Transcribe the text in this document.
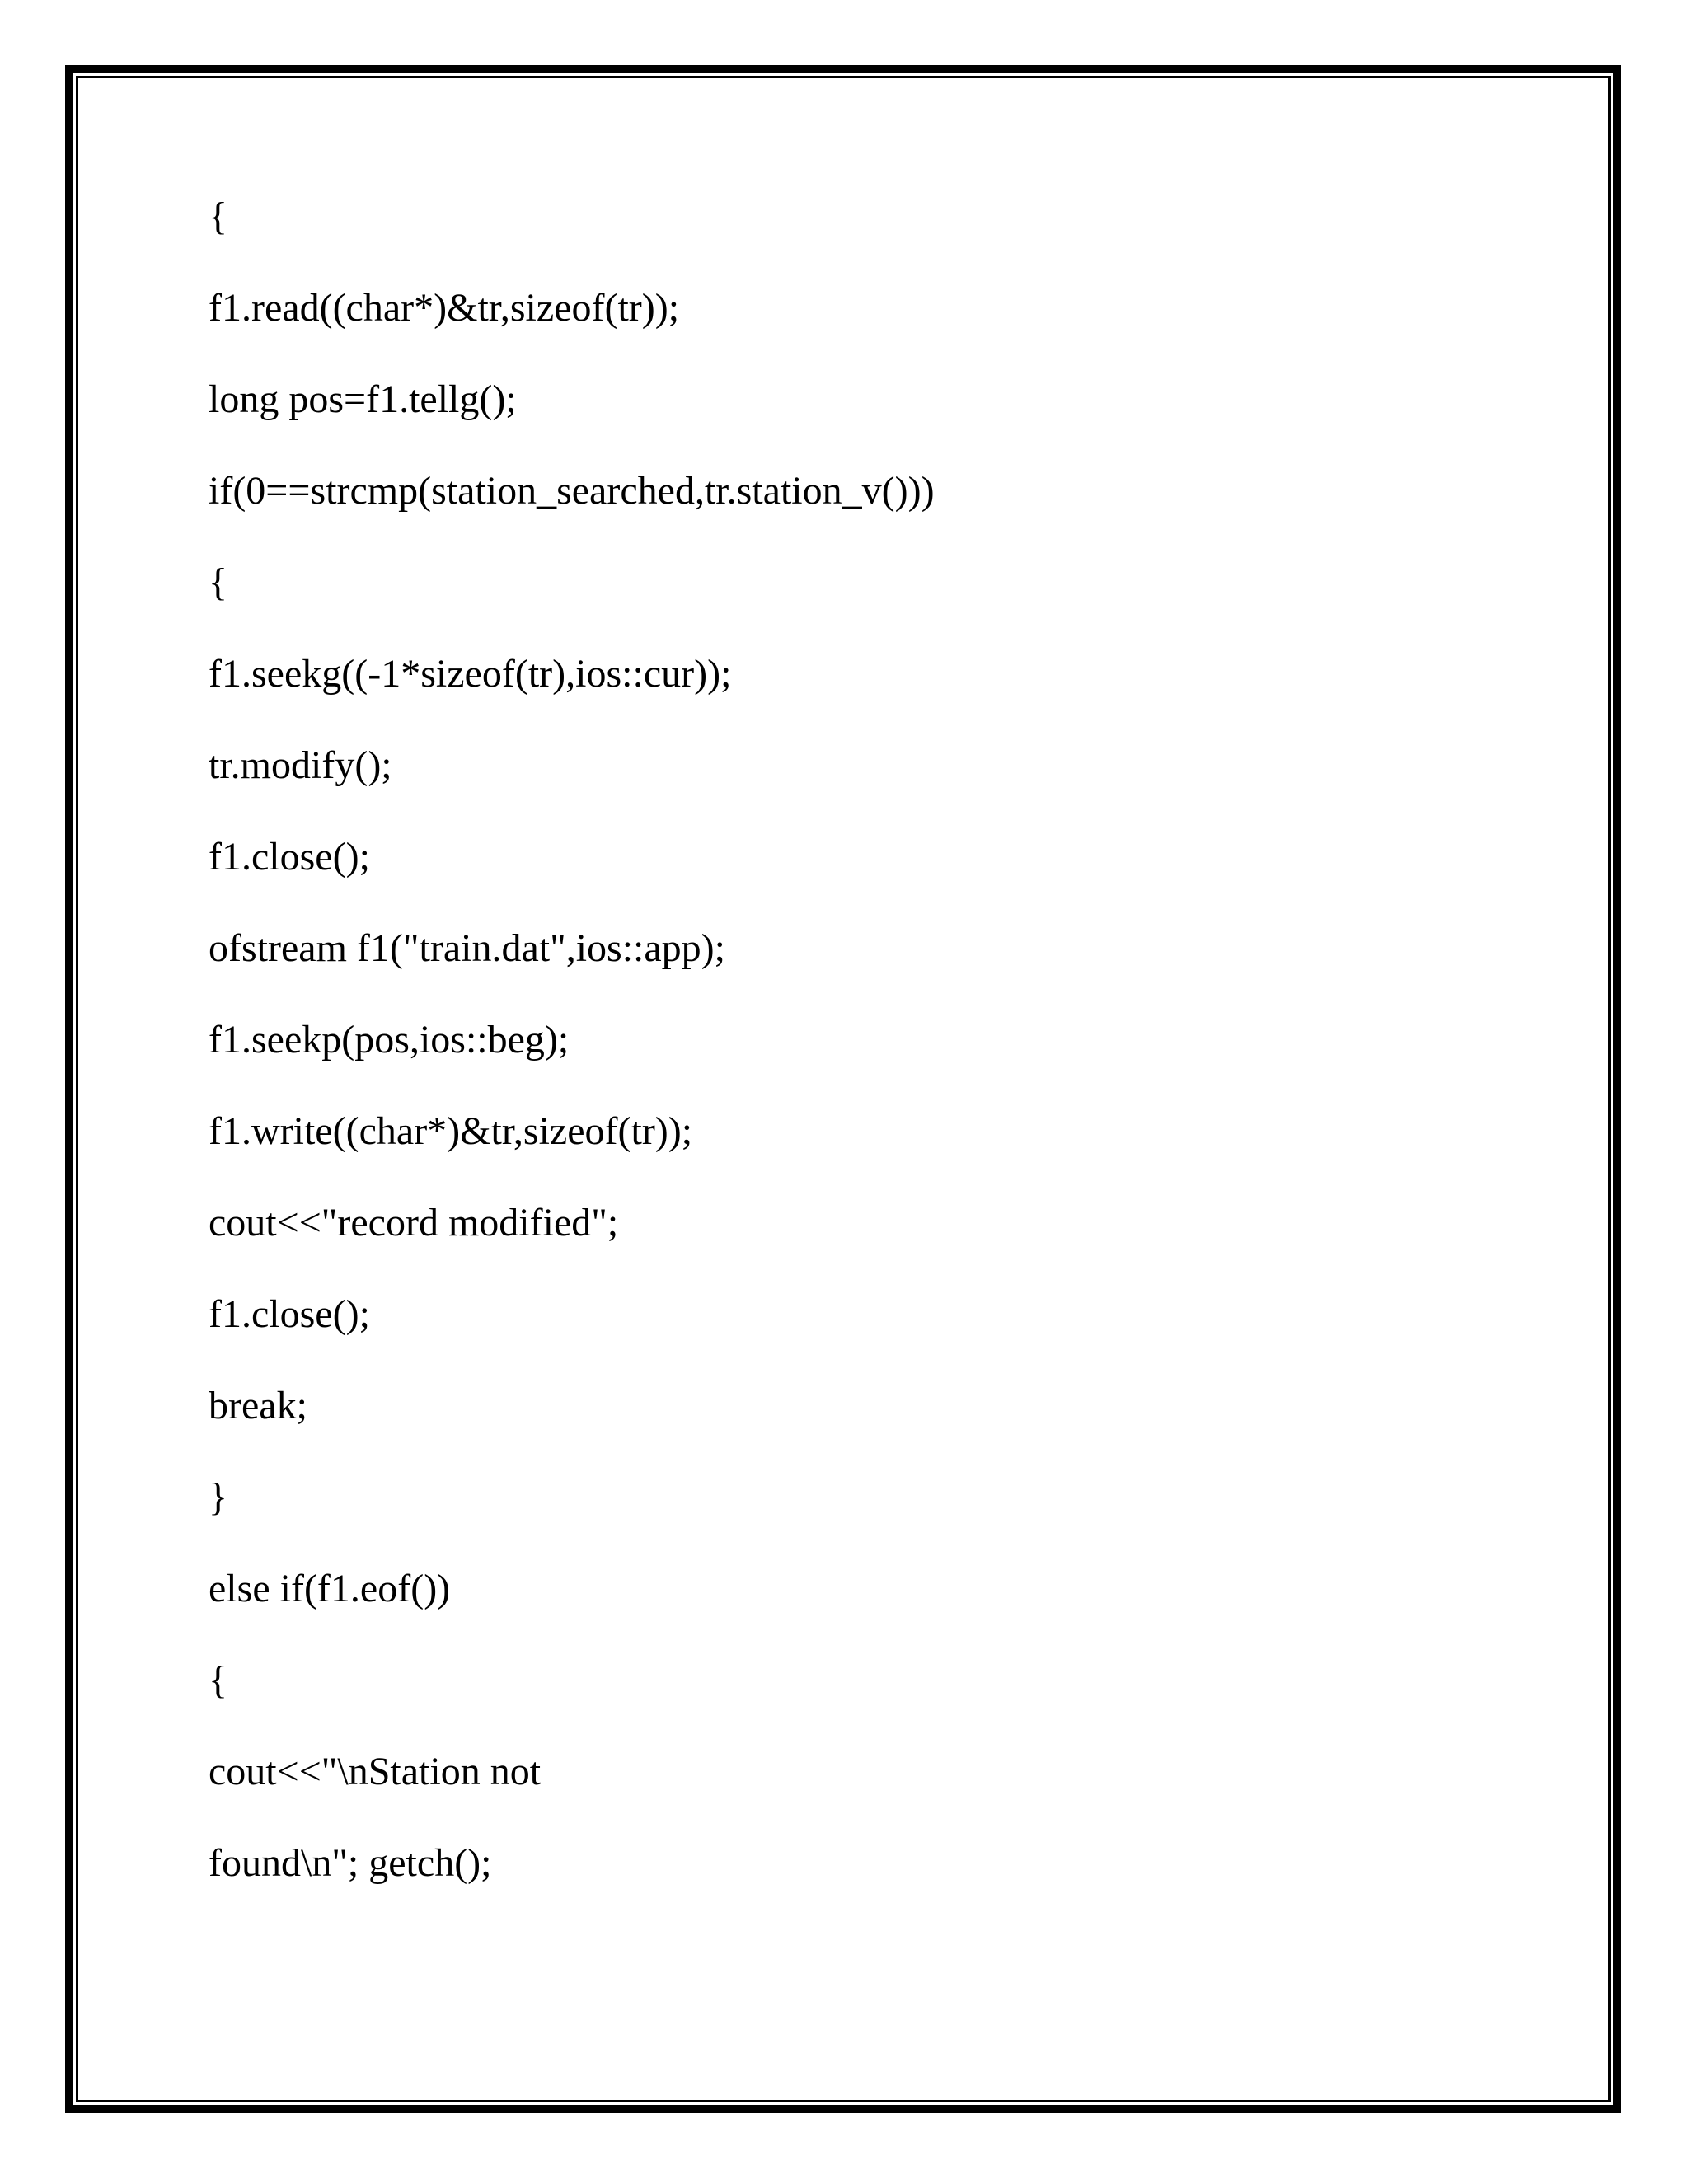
{
f1.read((char*)&tr,sizeof(tr));
long pos=f1.tellg();
if(0==strcmp(station_searched,tr.station_v()))
{
f1.seekg((-1*sizeof(tr),ios::cur));
tr.modify();
f1.close();
ofstream f1("train.dat",ios::app);
f1.seekp(pos,ios::beg);
f1.write((char*)&tr,sizeof(tr));
cout<<"record modified";
f1.close();
break;
}
else if(f1.eof())
{
cout<<"\nStation not
found\n"; getch();
